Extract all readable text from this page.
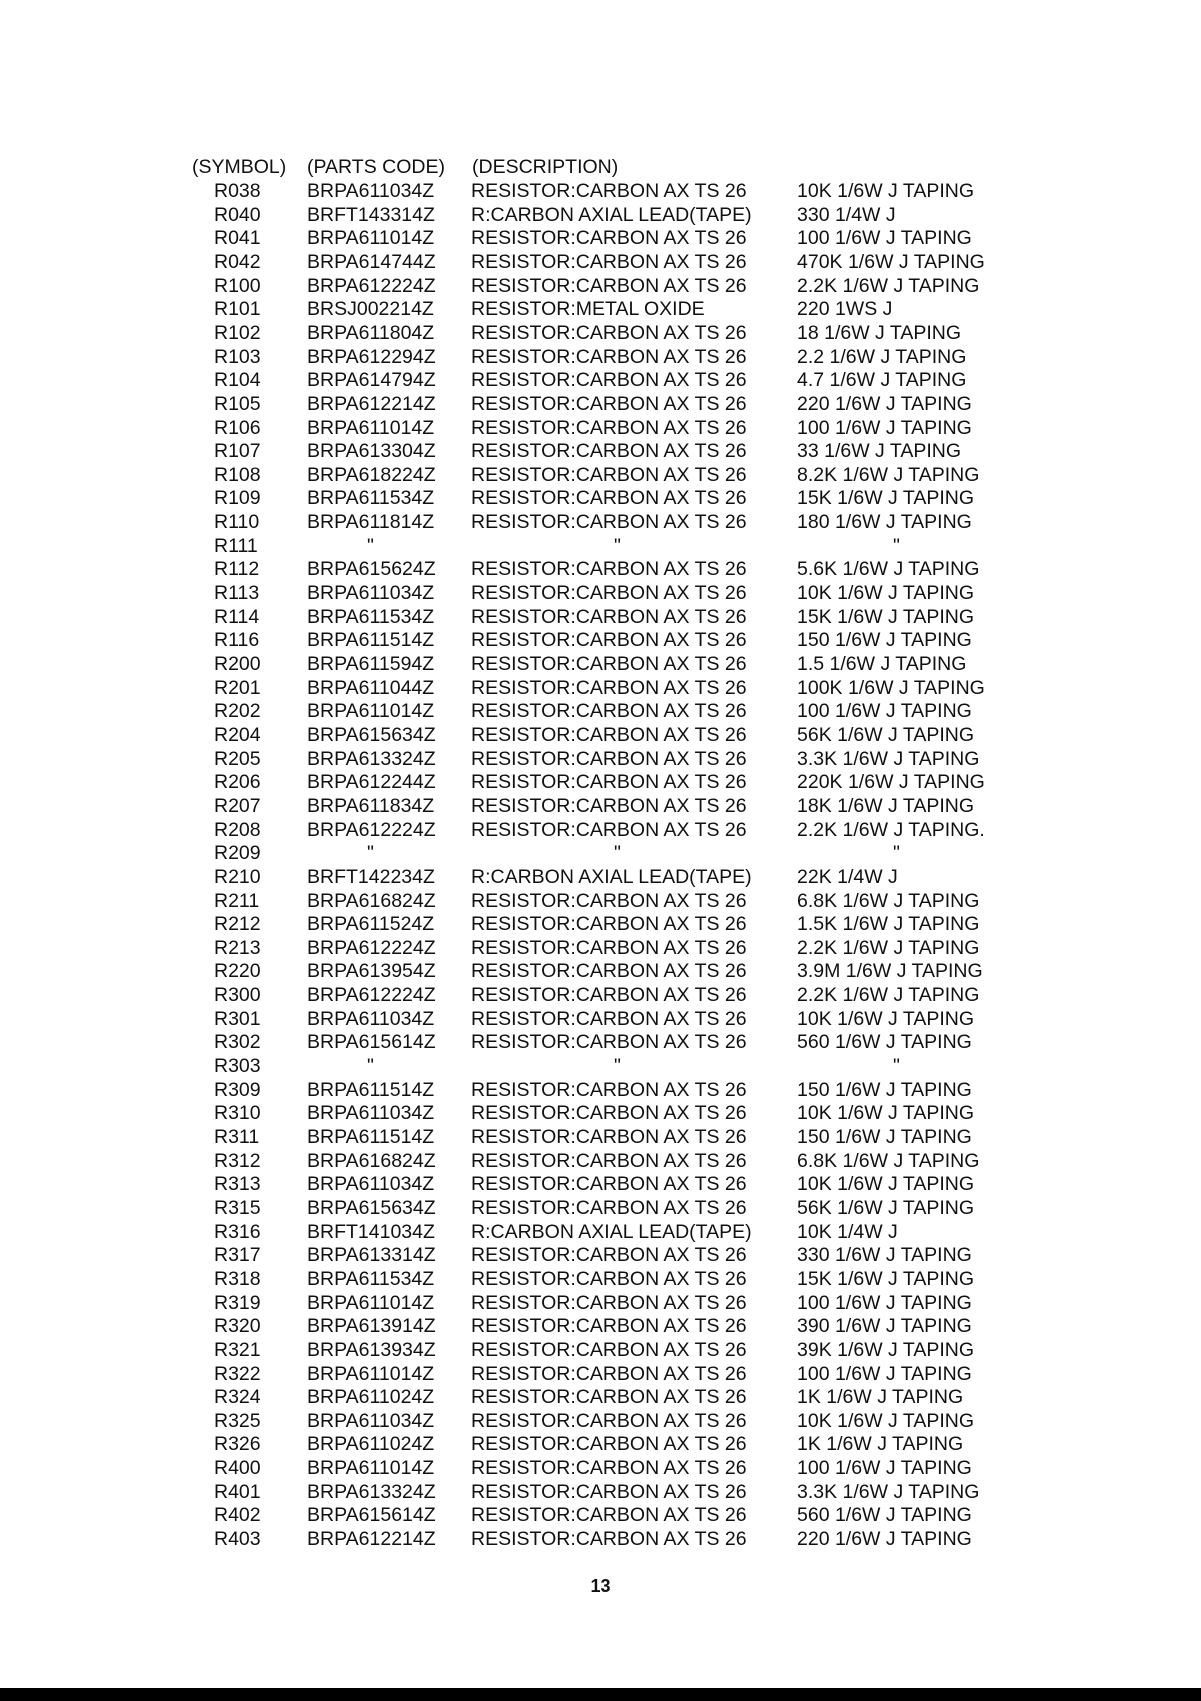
(SYMBOL) (PARTS CODE) (DESCRIPTION)
R038 BRPA611034Z RESISTOR:CARBON AX TS 26	10K 1/6W J TAPING
R040 BRFT143314Z R:CARBON AXIAL LEAD(TAPE) 330 1/4W J
R041 BRPA611014Z RESISTOR:CARBON AX TS 26	100 1/6W J TAPING
R042 BRPA614744Z RESISTOR:CARBON AX TS 26	470K 1/6W J TAPING
R100 BRPA612224Z RESISTOR:CARBON AX TS 26	2.2K 1/6W J TAPING
R101 BRSJ002214Z RESISTOR:METAL OXIDE	220 1WS J
R102 BRPA611804Z RESISTOR:CARBON AX TS 26	18 1/6W J TAPING
R103 BRPA612294Z RESISTOR:CARBON AX TS 26	2.2 1/6W J TAPING
R104 BRPA614794Z RESISTOR:CARBON AX TS 26	4.7 1/6W J TAPING
R105 BRPA612214Z RESISTOR:CARBON AX TS 26	220 1/6W J TAPING
R106 BRPA611014Z RESISTOR:CARBON AX TS 26	100 1/6W J TAPING
R107 BRPA613304Z RESISTOR:CARBON AX TS 26	33 1/6W J TAPING
R108 BRPA618224Z RESISTOR:CARBON AX TS 26	8.2K 1/6W J TAPING
R109 BRPA611534Z RESISTOR:CARBON AX TS 26	15K 1/6W J TAPING
R110 BRPA611814Z RESISTOR:CARBON AX TS 26	180 1/6W J TAPING
R111	"	"	"
R112 BRPA615624Z RESISTOR:CARBON AX TS 26	5.6K 1/6W J TAPING
R113 BRPA611034Z RESISTOR:CARBON AX TS 26	10K 1/6W J TAPING
R114 BRPA611534Z RESISTOR:CARBON AX TS 26	15K 1/6W J TAPING
R116 BRPA611514Z RESISTOR:CARBON AX TS 26	150 1/6W J TAPING
R200 BRPA611594Z RESISTOR:CARBON AX TS 26	1.5 1/6W J TAPING
R201 BRPA611044Z RESISTOR:CARBON AX TS 26	100K 1/6W J TAPING
R202 BRPA611014Z RESISTOR:CARBON AX TS 26	100 1/6W J TAPING
R204 BRPA615634Z RESISTOR:CARBON AX TS 26	56K 1/6W J TAPING
R205 BRPA613324Z RESISTOR:CARBON AX TS 26	3.3K 1/6W J TAPING
R206 BRPA612244Z RESISTOR:CARBON AX TS 26	220K 1/6W J TAPING
R207 BRPA611834Z RESISTOR:CARBON AX TS 26	18K 1/6W J TAPING
R208 BRPA612224Z RESISTOR:CARBON AX TS 26	2.2K 1/6W J TAPING.
R209	"	"	"
R210 BRFT142234Z R:CARBON AXIAL LEAD(TAPE) 22K 1/4W J
R211 BRPA616824Z RESISTOR:CARBON AX TS 26	6.8K 1/6W J TAPING
R212 BRPA611524Z RESISTOR:CARBON AX TS 26	1.5K 1/6W J TAPING
R213 BRPA612224Z RESISTOR:CARBON AX TS 26	2.2K 1/6W J TAPING
R220 BRPA613954Z RESISTOR:CARBON AX TS 26	3.9M 1/6W J TAPING
R300 BRPA612224Z RESISTOR:CARBON AX TS 26	2.2K 1/6W J TAPING
R301 BRPA611034Z RESISTOR:CARBON AX TS 26	10K 1/6W J TAPING
R302 BRPA615614Z RESISTOR:CARBON AX TS 26	560 1/6W J TAPING
R303	"	"	"
R309 BRPA611514Z RESISTOR:CARBON AX TS 26	150 1/6W J TAPING
R310 BRPA611034Z RESISTOR:CARBON AX TS 26	10K 1/6W J TAPING
R311 BRPA611514Z RESISTOR:CARBON AX TS 26	150 1/6W J TAPING
R312 BRPA616824Z RESISTOR:CARBON AX TS 26	6.8K 1/6W J TAPING
R313 BRPA611034Z RESISTOR:CARBON AX TS 26	10K 1/6W J TAPING
R315 BRPA615634Z RESISTOR:CARBON AX TS 26	56K 1/6W J TAPING
R316 BRFT141034Z R:CARBON AXIAL LEAD(TAPE) 10K 1/4W J
R317 BRPA613314Z RESISTOR:CARBON AX TS 26	330 1/6W J TAPING
R318 BRPA611534Z RESISTOR:CARBON AX TS 26	15K 1/6W J TAPING
R319 BRPA611014Z RESISTOR:CARBON AX TS 26	100 1/6W J TAPING
R320 BRPA613914Z RESISTOR:CARBON AX TS 26	390 1/6W J TAPING
R321 BRPA613934Z RESISTOR:CARBON AX TS 26	39K 1/6W J TAPING
R322 BRPA611014Z RESISTOR:CARBON AX TS 26	100 1/6W J TAPING
R324 BRPA611024Z RESISTOR:CARBON AX TS 26	1K 1/6W J TAPING
R325 BRPA611034Z RESISTOR:CARBON AX TS 26	10K 1/6W J TAPING
R326 BRPA611024Z RESISTOR:CARBON AX TS 26	1K 1/6W J TAPING
R400 BRPA611014Z RESISTOR:CARBON AX TS 26	100 1/6W J TAPING
R401 BRPA613324Z RESISTOR:CARBON AX TS 26	3.3K 1/6W J TAPING
R402 BRPA615614Z RESISTOR:CARBON AX TS 26	560 1/6W J TAPING
R403 BRPA612214Z RESISTOR:CARBON AX TS 26	220 1/6W J TAPING
13
